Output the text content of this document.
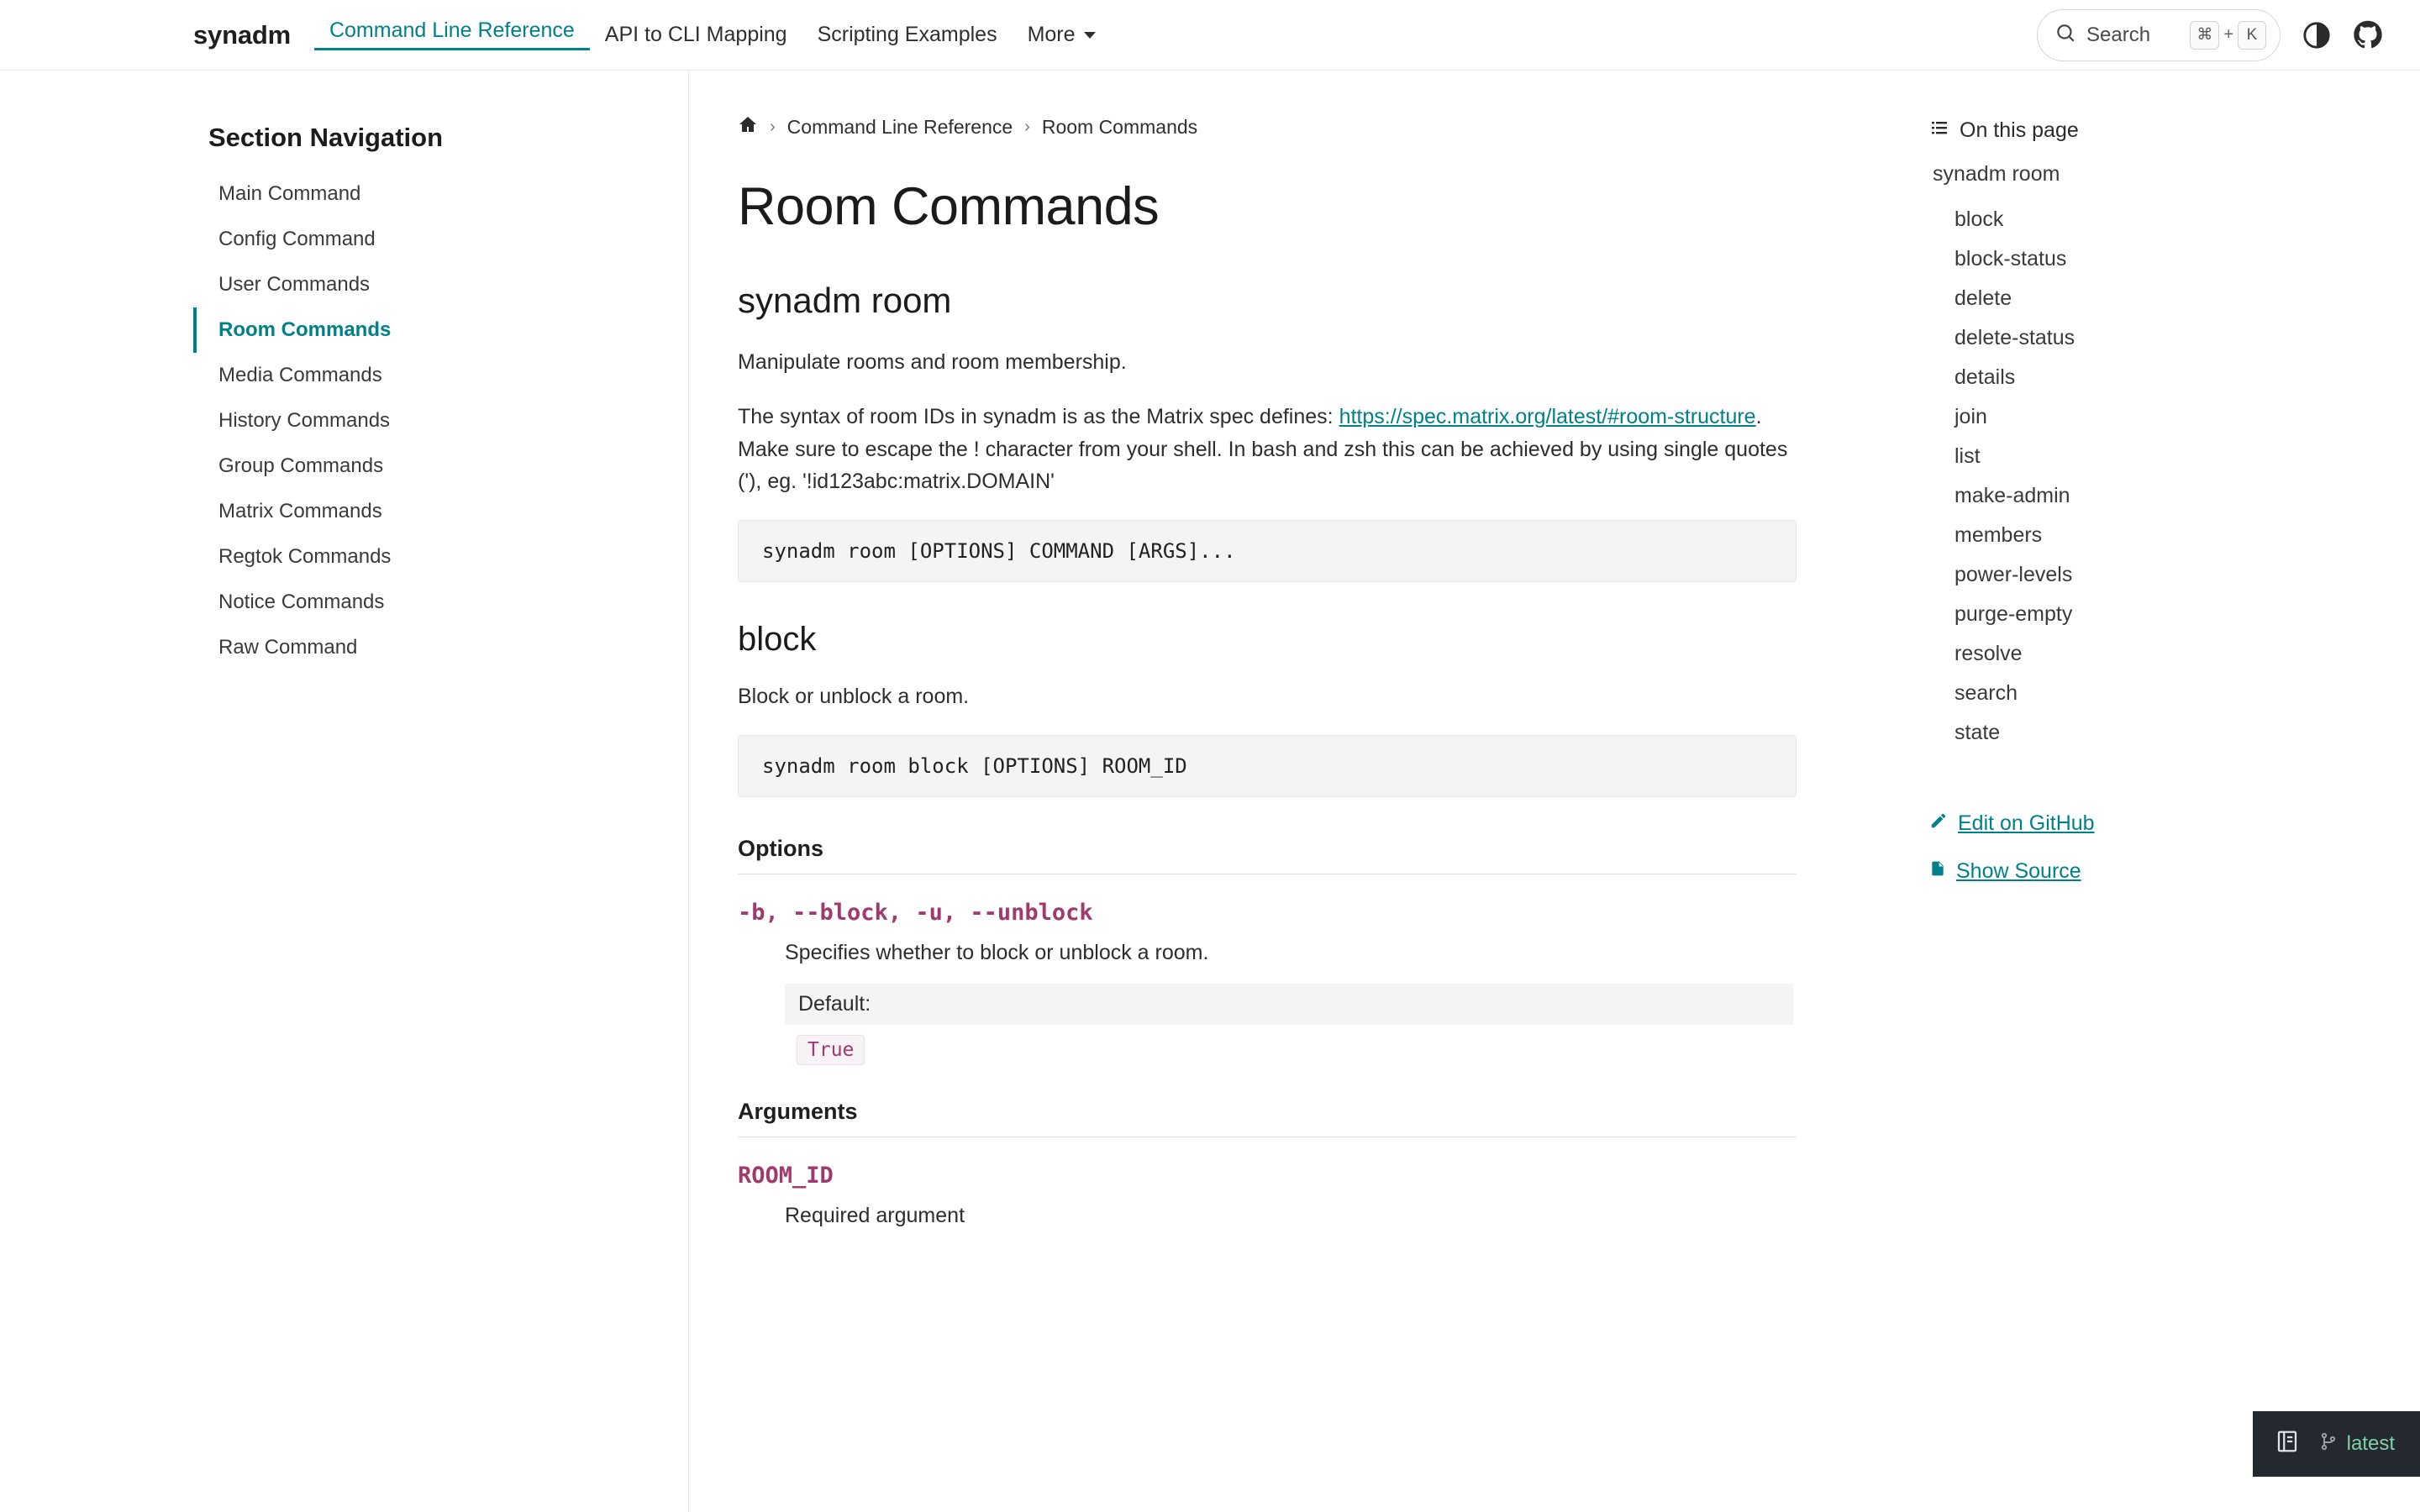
synadm	Command Line Reference	API to CLI Mapping	Scripting Examples	More	Search	⌘ + K
Section Navigation
Main Command
Config Command
User Commands
Room Commands
Media Commands
History Commands
Group Commands
Matrix Commands
Regtok Commands
Notice Commands
Raw Command
› Command Line Reference › Room Commands
Room Commands
synadm room

Manipulate rooms and room membership.

The syntax of room IDs in synadm is as the Matrix spec defines: https://spec.matrix.org/latest/#room-structure. Make sure to escape the ! character from your shell. In bash and zsh this can be achieved by using single quotes ('), eg. '!id123abc:matrix.DOMAIN'

synadm room [OPTIONS] COMMAND [ARGS]...
block

Block or unblock a room.

synadm room block [OPTIONS] ROOM_ID
Options
-b, --block, -u, --unblock
Specifies whether to block or unblock a room.
Default:
True
Arguments
ROOM_ID
Required argument
On this page
synadm room
block
block-status
delete
delete-status
details
join
list
make-admin
members
power-levels
purge-empty
resolve
search
state
Edit on GitHub
Show Source
latest
